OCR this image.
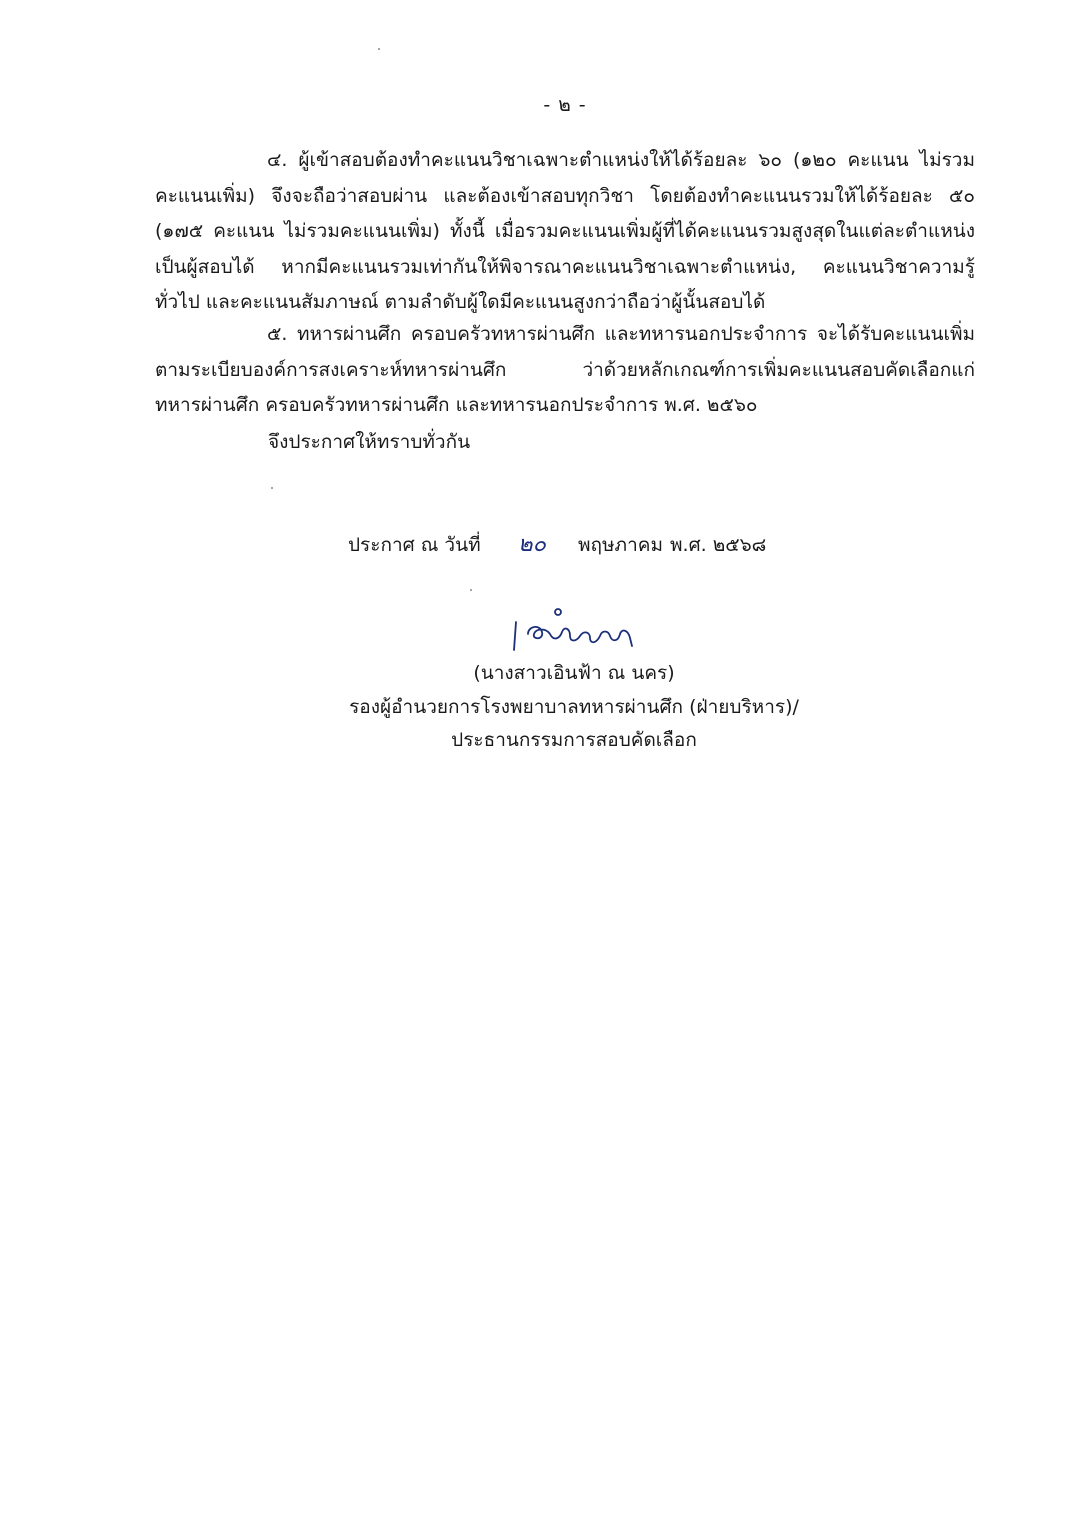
- ๒ -

๔. ผู้เข้าสอบต้องทำคะแนนวิชาเฉพาะตำแหน่งให้ได้ร้อยละ ๖๐ (๑๒๐ คะแนน ไม่รวมคะแนนเพิ่ม) จึงจะถือว่าสอบผ่าน และต้องเข้าสอบทุกวิชา โดยต้องทำคะแนนรวมให้ได้ร้อยละ ๕๐ (๑๗๕ คะแนน ไม่รวมคะแนนเพิ่ม) ทั้งนี้ เมื่อรวมคะแนนเพิ่มผู้ที่ได้คะแนนรวมสูงสุดในแต่ละตำแหน่งเป็นผู้สอบได้ หากมีคะแนนรวมเท่ากันให้พิจารณาคะแนนวิชาเฉพาะตำแหน่ง, คะแนนวิชาความรู้ทั่วไป และคะแนนสัมภาษณ์ ตามลำดับผู้ใดมีคะแนนสูงกว่าถือว่าผู้นั้นสอบได้

๕. ทหารผ่านศึก ครอบครัวทหารผ่านศึก และทหารนอกประจำการ จะได้รับคะแนนเพิ่ม ตามระเบียบองค์การสงเคราะห์ทหารผ่านศึก ว่าด้วยหลักเกณฑ์การเพิ่มคะแนนสอบคัดเลือกแก่ทหารผ่านศึก ครอบครัวทหารผ่านศึก และทหารนอกประจำการ พ.ศ. ๒๕๖๐

จึงประกาศให้ทราบทั่วกัน

ประกาศ ณ วันที่ ๒๐ พฤษภาคม พ.ศ. ๒๕๖๘
(นางสาวเอินฟ้า ณ นคร)
รองผู้อำนวยการโรงพยาบาลทหารผ่านศึก (ฝ่ายบริหาร)/
ประธานกรรมการสอบคัดเลือก
